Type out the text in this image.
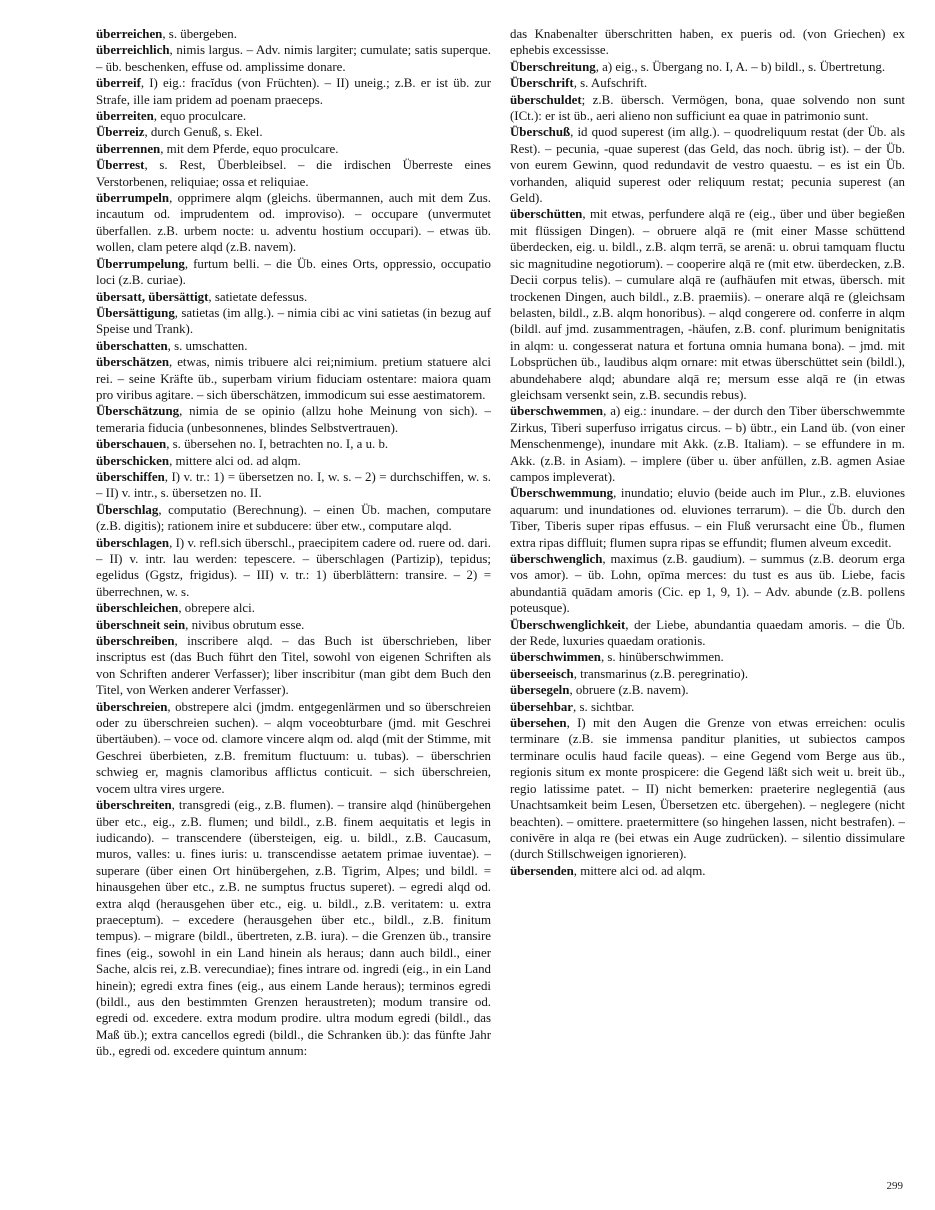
überreichen, s. übergeben.

überreichlich, nimis largus. – Adv. nimis largiter; cumulate; satis superque. – üb. beschenken, effuse od. amplissime donare.

überreif, I) eig.: fracĭdus (von Früchten). – II) uneig.; z.B. er ist üb. zur Strafe, ille iam pridem ad poenam praeceps.

überreiten, equo proculcare.

Überreiz, durch Genuß, s. Ekel.

überrennen, mit dem Pferde, equo proculcare.

Überrest, s. Rest, Überbleibsel. – die irdischen Überreste eines Verstorbenen, reliquiae; ossa et reliquiae.

überrumpeln, opprimere alqm (gleichs. übermannen, auch mit dem Zus. incautum od. imprudentem od. improviso). – occupare (unvermutet überfallen. z.B. urbem nocte: u. adventu hostium occupari). – etwas üb. wollen, clam petere alqd (z.B. navem).

Überrumpelung, furtum belli. – die Üb. eines Orts, oppressio, occupatio loci (z.B. curiae).

übersatt, übersättigt, satietate defessus.

Übersättigung, satietas (im allg.). – nimia cibi ac vini satietas (in bezug auf Speise und Trank).

überschatten, s. umschatten.

überschätzen, etwas, nimis tribuere alci rei;nimium. pretium statuere alci rei. – seine Kräfte üb., superbam virium fiduciam ostentare: maiora quam pro viribus agitare. – sich überschätzen, immodicum sui esse aestimatorem.

Überschätzung, nimia de se opinio (allzu hohe Meinung von sich). – temeraria fiducia (unbesonnenes, blindes Selbstvertrauen).

überschauen, s. übersehen no. I, betrachten no. I, a u. b.

überschicken, mittere alci od. ad alqm.

überschiffen, I) v. tr.: 1) = übersetzen no. I, w. s. – 2) = durchschiffen, w. s. – II) v. intr., s. übersetzen no. II.

Überschlag, computatio (Berechnung). – einen Üb. machen, computare (z.B. digitis); rationem inire et subducere: über etw., computare alqd.

überschlagen, I) v. refl.sich überschl., praecipitem cadere od. ruere od. dari. – II) v. intr. lau werden: tepescere. – überschlagen (Partizip), tepidus; egelidus (Ggstz, frigidus). – III) v. tr.: 1) überblättern: transire. – 2) = überrechnen, w. s.

überschleichen, obrepere alci.

überschneit sein, nivibus obrutum esse.

überschreiben, inscribere alqd. – das Buch ist überschrieben, liber inscriptus est (das Buch führt den Titel, sowohl von eigenen Schriften als von Schriften anderer Verfasser); liber inscribitur (man gibt dem Buch den Titel, von Werken anderer Verfasser).

überschreien, obstrepere alci (jmdm. entgegenlärmen und so überschreien oder zu überschreien suchen). – alqm voceobturbare (jmd. mit Geschrei übertäuben). – voce od. clamore vincere alqm od. alqd (mit der Stimme, mit Geschrei überbieten, z.B. fremitum fluctuum: u. tubas). – überschrien schwieg er, magnis clamoribus afflictus conticuit. – sich überschreien, vocem ultra vires urgere.

überschreiten, transgredi (eig., z.B. flumen). – transire alqd (hinübergehen über etc., eig., z.B. flumen; und bildl., z.B. finem aequitatis et legis in iudicando). – transcendere (übersteigen, eig. u. bildl., z.B. Caucasum, muros, valles: u. fines iuris: u. transcendisse aetatem primae iuventae). – superare (über einen Ort hinübergehen, z.B. Tigrim, Alpes; und bildl. = hinausgehen über etc., z.B. ne sumptus fructus superet). – egredi alqd od. extra alqd (herausgehen über etc., eig. u. bildl., z.B. veritatem: u. extra praeceptum). – excedere (herausgehen über etc., bildl., z.B. finitum tempus). – migrare (bildl., übertreten, z.B. iura). – die Grenzen üb., transire fines (eig., sowohl in ein Land hinein als heraus; dann auch bildl., einer Sache, alcis rei, z.B. verecundiae); fines intrare od. ingredi (eig., in ein Land hinein); egredi extra fines (eig., aus einem Lande heraus); terminos egredi (bildl., aus den bestimmten Grenzen heraustreten); modum transire od. egredi od. excedere. extra modum prodire. ultra modum egredi (bildl., das Maß üb.); extra cancellos egredi (bildl., die Schranken üb.): das fünfte Jahr üb., egredi od. excedere quintum annum:

das Knabenalter überschritten haben, ex pueris od. (von Griechen) ex ephebis excessisse.

Überschreitung, a) eig., s. Übergang no. I, A. – b) bildl., s. Übertretung.

Überschrift, s. Aufschrift.

überschuldet; z.B. übersch. Vermögen, bona, quae solvendo non sunt (ICt.): er ist üb., aeri alieno non sufficiunt ea quae in patrimonio sunt.

Überschuß, id quod superest (im allg.). – quodreliquum restat (der Üb. als Rest). – pecunia, -quae superest (das Geld, das noch. übrig ist). – der Üb. von eurem Gewinn, quod redundavit de vestro quaestu. – es ist ein Üb. vorhanden, aliquid superest oder reliquum restat; pecunia superest (an Geld).

überschütten, mit etwas, perfundere alqā re (eig., über und über begießen mit flüssigen Dingen). – obruere alqā re (mit einer Masse schüttend überdecken, eig. u. bildl., z.B. alqm terrā, se arenā: u. obrui tamquam fluctu sic magnitudine negotiorum). – cooperire alqā re (mit etw. überdecken, z.B. Decii corpus telis). – cumulare alqā re (aufhäufen mit etwas, übersch. mit trockenen Dingen, auch bildl., z.B. praemiis). – onerare alqā re (gleichsam belasten, bildl., z.B. alqm honoribus). – alqd congerere od. conferre in alqm (bildl. auf jmd. zusammentragen, -häufen, z.B. conf. plurimum benignitatis in alqm: u. congesserat natura et fortuna omnia humana bona). – jmd. mit Lobsprüchen üb., laudibus alqm ornare: mit etwas überschüttet sein (bildl.), abundehabere alqd; abundare alqā re; mersum esse alqā re (in etwas gleichsam versenkt sein, z.B. secundis rebus).

überschwemmen, a) eig.: inundare. – der durch den Tiber überschwemmte Zirkus, Tiberi superfuso irrigatus circus. – b) übtr., ein Land üb. (von einer Menschenmenge), inundare mit Akk. (z.B. Italiam). – se effundere in m. Akk. (z.B. in Asiam). – implere (über u. über anfüllen, z.B. agmen Asiae campos impleverat).

Überschwemmung, inundatio; eluvio (beide auch im Plur., z.B. eluviones aquarum: und inundationes od. eluviones terrarum). – die Üb. durch den Tiber, Tiberis super ripas effusus. – ein Fluß verursacht eine Üb., flumen extra ripas diffluit; flumen supra ripas se effundit; flumen alveum excedit.

überschwenglich, maximus (z.B. gaudium). – summus (z.B. deorum erga vos amor). – üb. Lohn, opīma merces: du tust es aus üb. Liebe, facis abundantiā quādam amoris (Cic. ep 1, 9, 1). – Adv. abunde (z.B. pollens poteusque).

Überschwenglichkeit, der Liebe, abundantia quaedam amoris. – die Üb. der Rede, luxuries quaedam orationis.

überschwimmen, s. hinüberschwimmen.

überseeisch, transmarinus (z.B. peregrinatio).

übersegeln, obruere (z.B. navem).

übersehbar, s. sichtbar.

übersehen, I) mit den Augen die Grenze von etwas erreichen: oculis terminare (z.B. sie immensa panditur planities, ut subiectos campos terminare oculis haud facile queas). – eine Gegend vom Berge aus üb., regionis situm ex monte prospicere: die Gegend läßt sich weit u. breit üb., regio latissime patet. – II) nicht bemerken: praeterire neglegentiā (aus Unachtsamkeit beim Lesen, Übersetzen etc. übergehen). – neglegere (nicht beachten). – omittere. praetermittere (so hingehen lassen, nicht bestrafen). – conivēre in alqa re (bei etwas ein Auge zudrücken). – silentio dissimulare (durch Stillschweigen ignorieren).

übersenden, mittere alci od. ad alqm.

299
